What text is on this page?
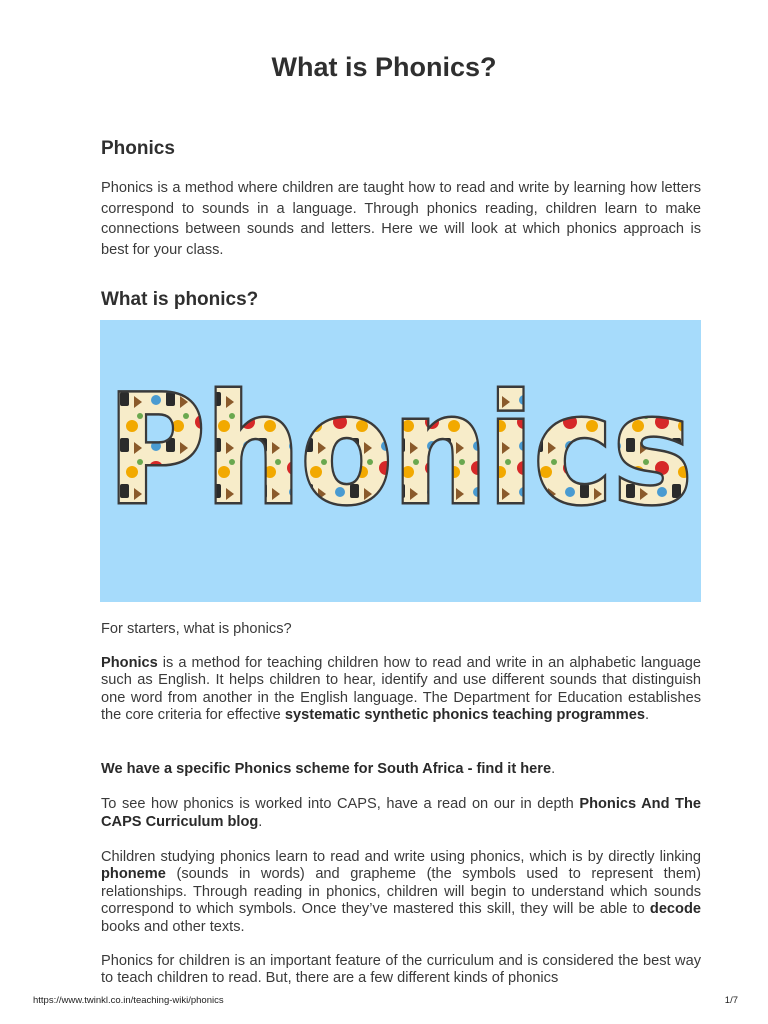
What is Phonics?
Phonics

Phonics is a method where children are taught how to read and write by learning how letters correspond to sounds in a language. Through phonics reading, children learn to make connections between sounds and letters. Here we will look at which phonics approach is best for your class.

What is phonics?
Phonics

For starters, what is phonics?

Phonics is a method for teaching children how to read and write in an alphabetic language such as English. It helps children to hear, identify and use different sounds that distinguish one word from another in the English language. The Department for Education establishes the core criteria for effective systematic synthetic phonics teaching programmes.

We have a specific Phonics scheme for South Africa - find it here.

To see how phonics is worked into CAPS, have a read on our in depth Phonics And The CAPS Curriculum blog.

Children studying phonics learn to read and write using phonics, which is by directly linking phoneme (sounds in words) and grapheme (the symbols used to represent them) relationships. Through reading in phonics, children will begin to understand which sounds correspond to which symbols. Once they’ve mastered this skill, they will be able to decode books and other texts.

Phonics for children is an important feature of the curriculum and is considered the best way to teach children to read. But, there are a few different kinds of phonics

https://www.twinkl.co.in/teaching-wiki/phonics	1/7
